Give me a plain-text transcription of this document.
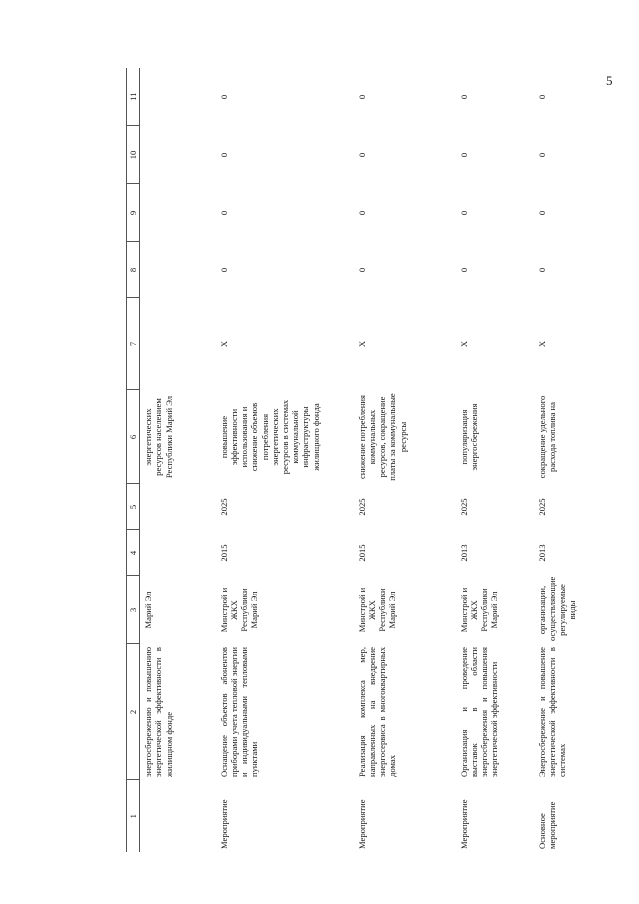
5
1	2	3	4	5	6	7	8	9	10	11
	энергосбережению и повышению энергетической эффективности в жилищном фонде	Марий Эл			энергетических ресурсов населением Республики Марий Эл					
Мероприятие	Оснащение объектов абонентов приборами учета тепловой энергии и индивидуальными тепловыми пунктами	Минстрой и ЖКХ Республики Марий Эл	2015	2025	повышение эффективности использования и снижение объемов потребления энергетических ресурсов в системах коммунальной инфраструктуры жилищного фонда	X	0	0	0	0
Мероприятие	Реализация комплекса мер, направленных на внедрение энергосервиса в многоквартирных домах	Минстрой и ЖКХ Республики Марий Эл	2015	2025	снижение потребления коммунальных ресурсов, сокращение платы за коммунальные ресурсы	X	0	0	0	0
Мероприятие	Организация и проведение выставок в области энергосбережения и повышения энергетической эффективности	Минстрой и ЖКХ Республики Марий Эл	2013	2025	популяризация энергосбережения	X	0	0	0	0
Основное мероприятие	Энергосбережение и повышение энергетической эффективности в системах	организации, осуществляющие регулируемые виды	2013	2025	сокращение удельного расхода топлива на	X	0	0	0	0
